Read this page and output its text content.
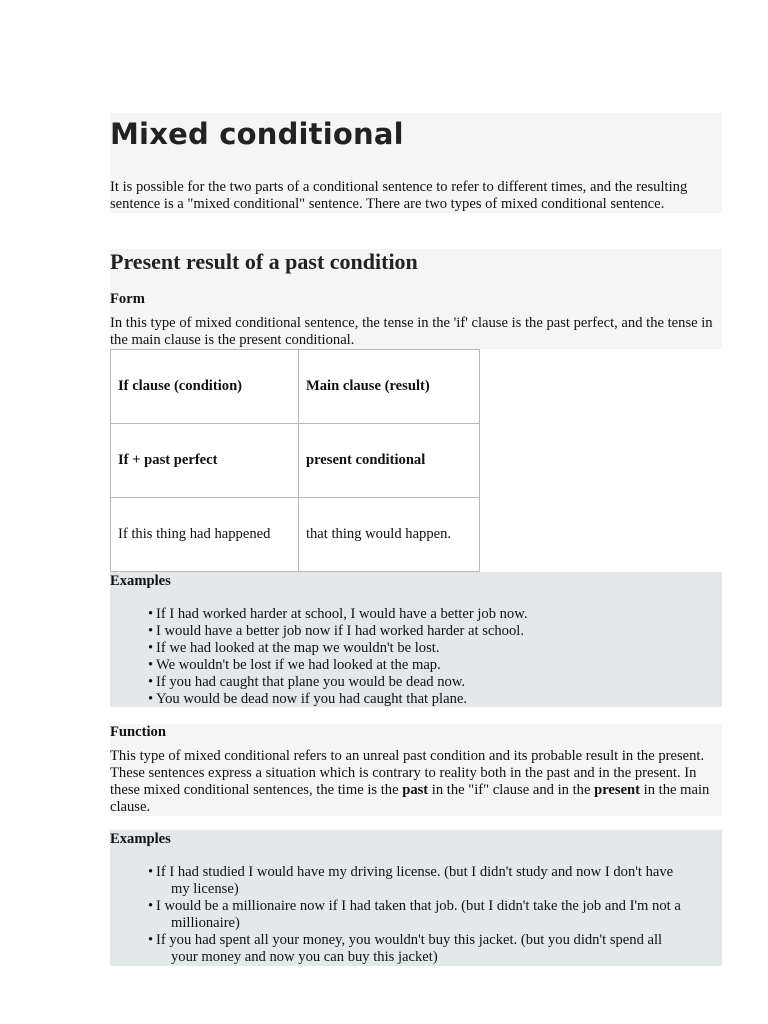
Mixed conditional
It is possible for the two parts of a conditional sentence to refer to different times, and the resulting sentence is a "mixed conditional" sentence. There are two types of mixed conditional sentence.
Present result of a past condition
Form
In this type of mixed conditional sentence, the tense in the 'if' clause is the past perfect, and the tense in the main clause is the present conditional.
If clause (condition)	Main clause (result)
If + past perfect	present conditional
If this thing had happened	that thing would happen.
Examples
• If I had worked harder at school, I would have a better job now.
• I would have a better job now if I had worked harder at school.
• If we had looked at the map we wouldn't be lost.
• We wouldn't be lost if we had looked at the map.
• If you had caught that plane you would be dead now.
• You would be dead now if you had caught that plane.
Function
This type of mixed conditional refers to an unreal past condition and its probable result in the present. These sentences express a situation which is contrary to reality both in the past and in the present. In these mixed conditional sentences, the time is the past in the "if" clause and in the present in the main clause.
Examples
• If I had studied I would have my driving license. (but I didn't study and now I don't have
my license)
• I would be a millionaire now if I had taken that job. (but I didn't take the job and I'm not a
millionaire)
• If you had spent all your money, you wouldn't buy this jacket. (but you didn't spend all
your money and now you can buy this jacket)
